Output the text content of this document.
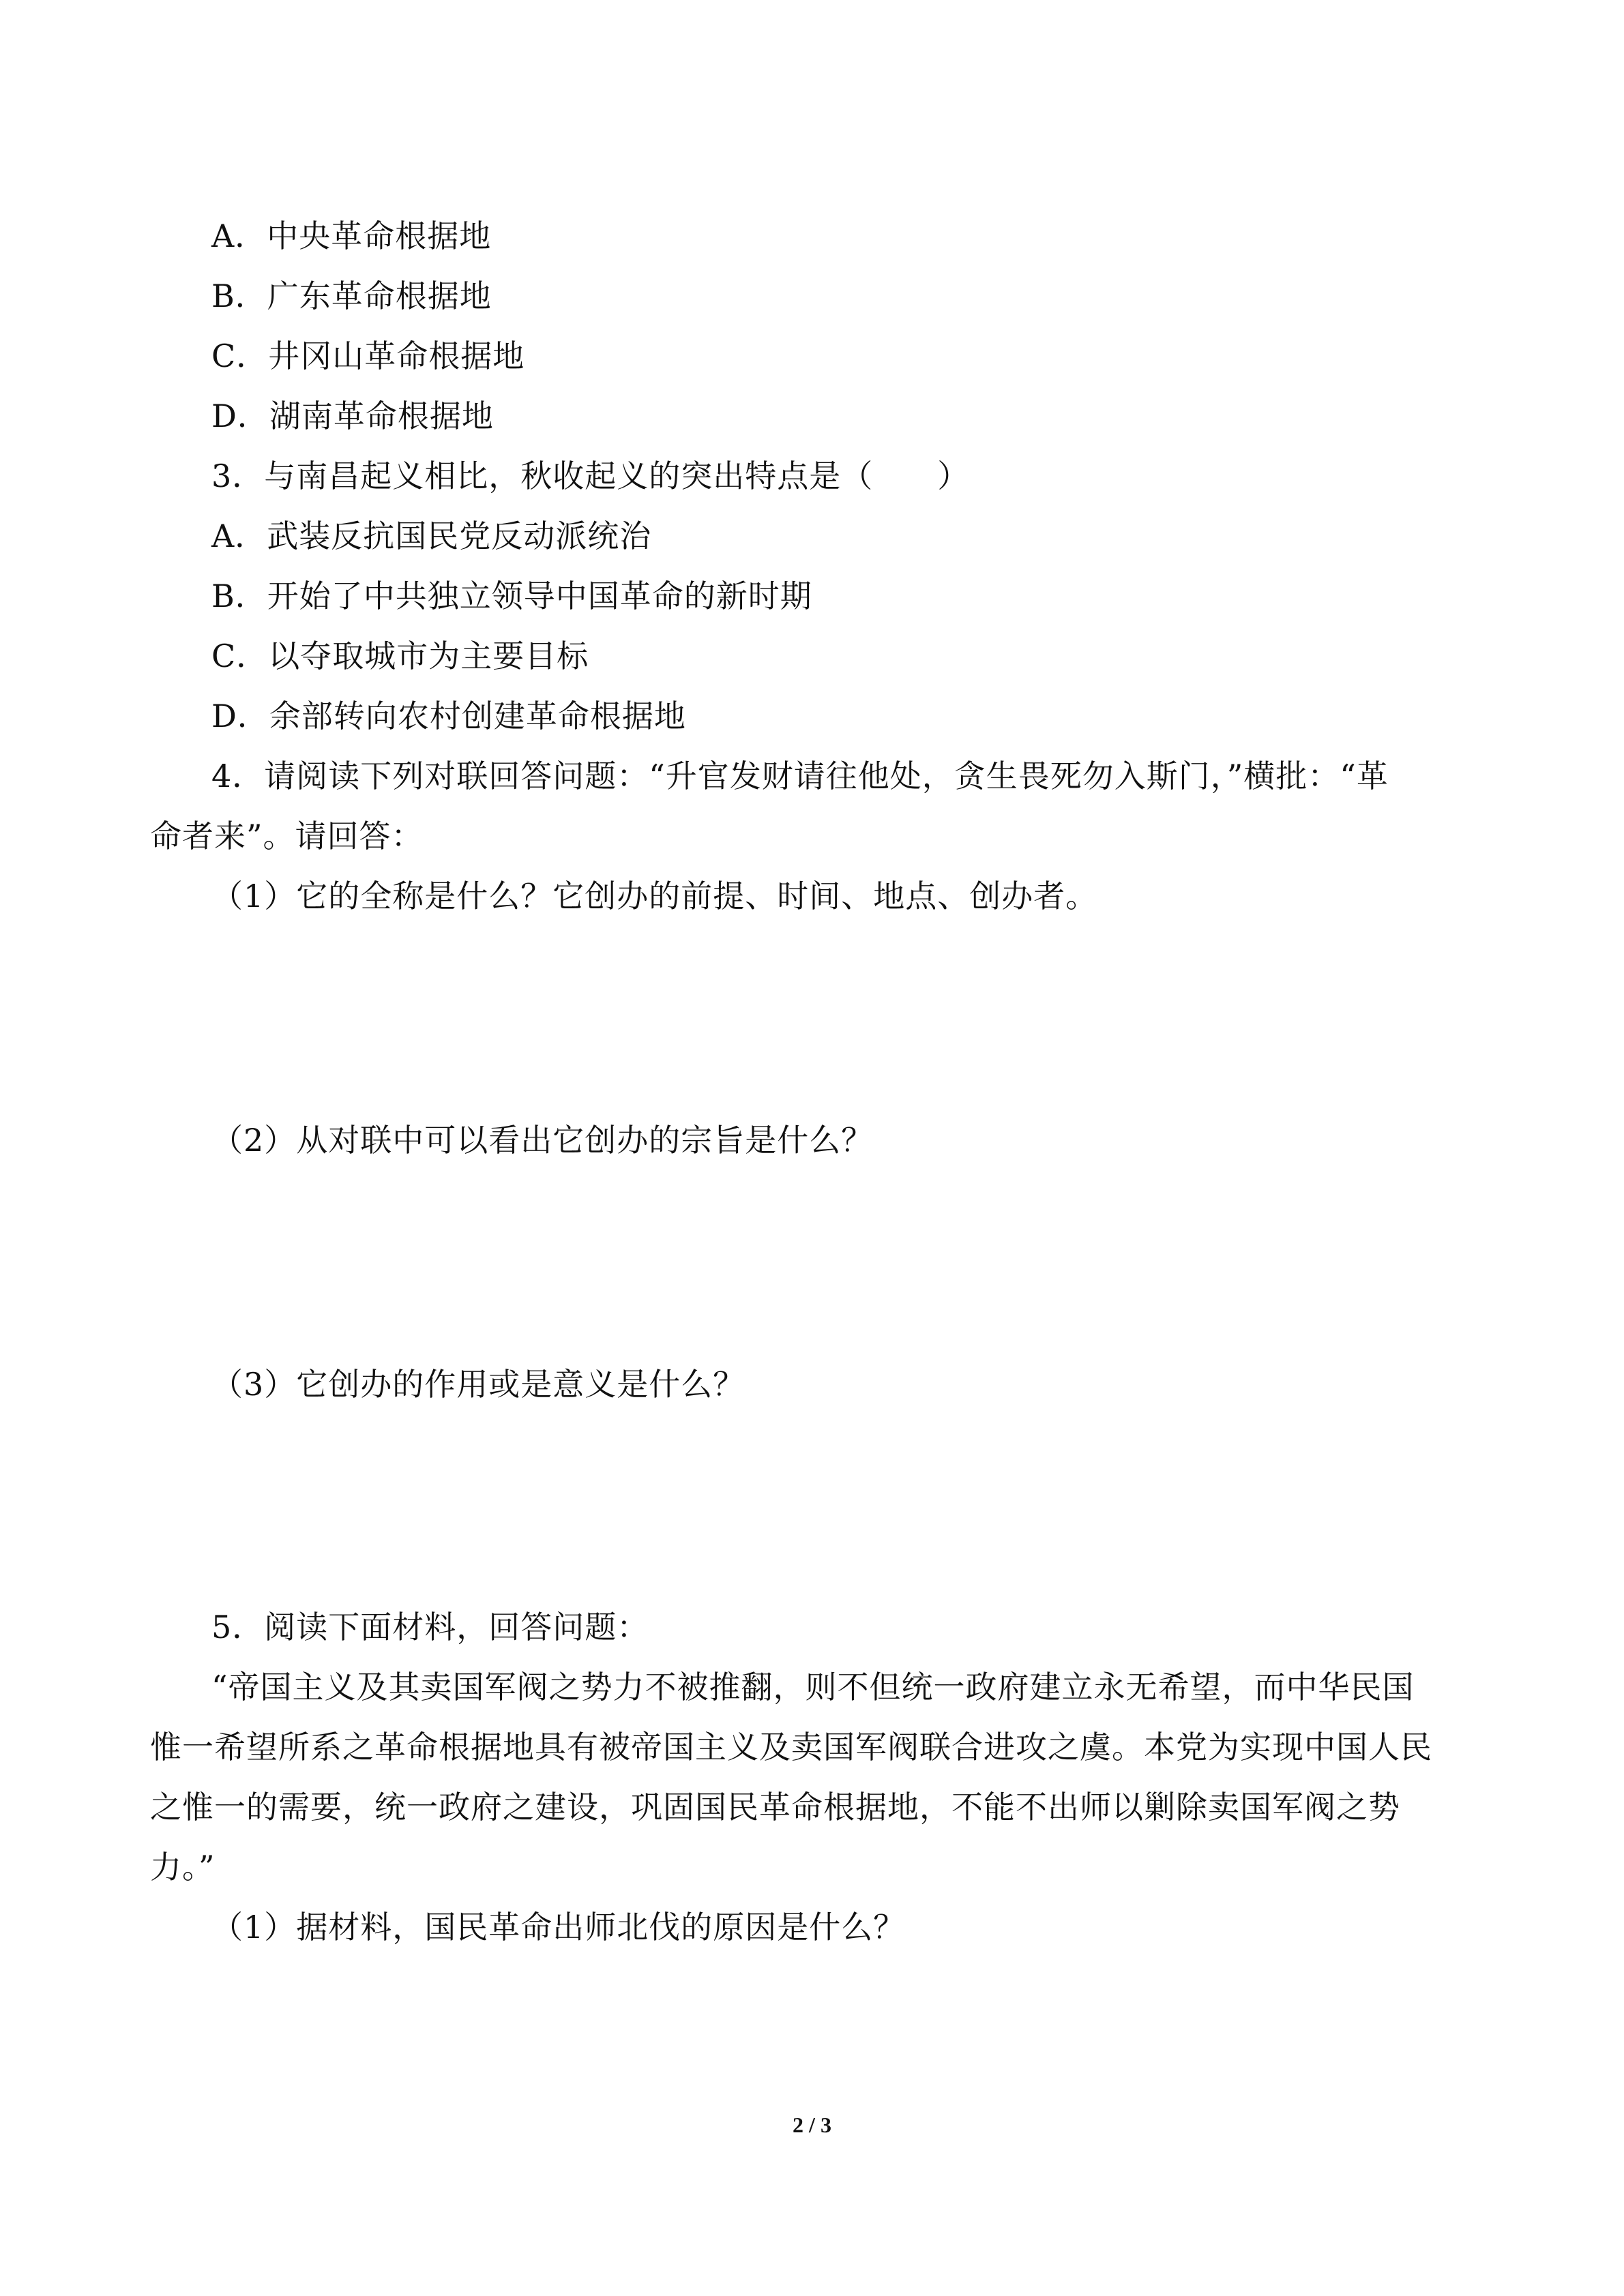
A．中央革命根据地
B．广东革命根据地
C．井冈山革命根据地
D．湖南革命根据地
3．与南昌起义相比，秋收起义的突出特点是（　　）
A．武装反抗国民党反动派统治
B．开始了中共独立领导中国革命的新时期
C．以夺取城市为主要目标
D．余部转向农村创建革命根据地
4．请阅读下列对联回答问题：“升官发财请往他处，贪生畏死勿入斯门，”横批：“革
命者来”。请回答：
（1）它的全称是什么？它创办的前提、时间、地点、创办者。
（2）从对联中可以看出它创办的宗旨是什么？
（3）它创办的作用或是意义是什么？
5．阅读下面材料，回答问题：
“帝国主义及其卖国军阀之势力不被推翻，则不但统一政府建立永无希望，而中华民国
惟一希望所系之革命根据地具有被帝国主义及卖国军阀联合进攻之虞。本党为实现中国人民
之惟一的需要，统一政府之建设，巩固国民革命根据地，不能不出师以剿除卖国军阀之势
力。”
（1）据材料，国民革命出师北伐的原因是什么？
2 / 3
